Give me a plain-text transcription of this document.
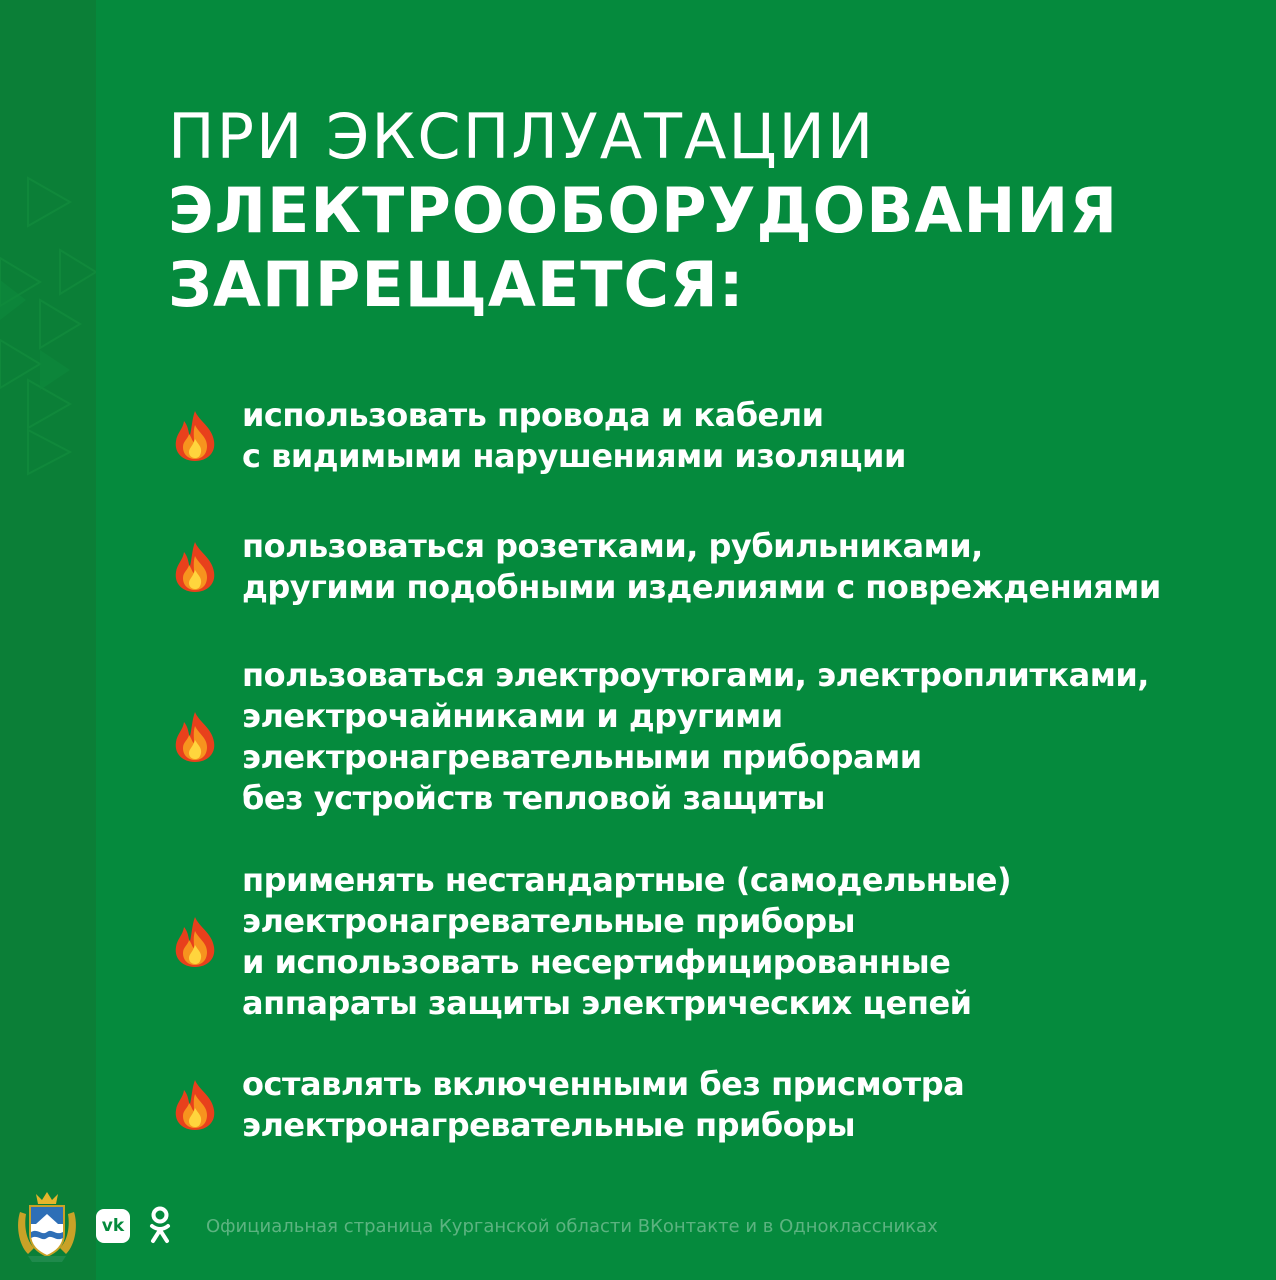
ПРИ ЭКСПЛУАТАЦИИ
ЭЛЕКТРООБОРУДОВАНИЯ
ЗАПРЕЩАЕТСЯ:
использовать провода и кабели
с видимыми нарушениями изоляции
пользоваться розетками, рубильниками,
другими подобными изделиями с повреждениями
пользоваться электроутюгами, электроплитками,
электрочайниками и другими
электронагревательными приборами
без устройств тепловой защиты
применять нестандартные (самодельные)
электронагревательные приборы
и использовать несертифицированные
аппараты защиты электрических цепей
оставлять включенными без присмотра
электронагревательные приборы
vk	Официальная страница Курганской области ВКонтакте и в Одноклассниках
